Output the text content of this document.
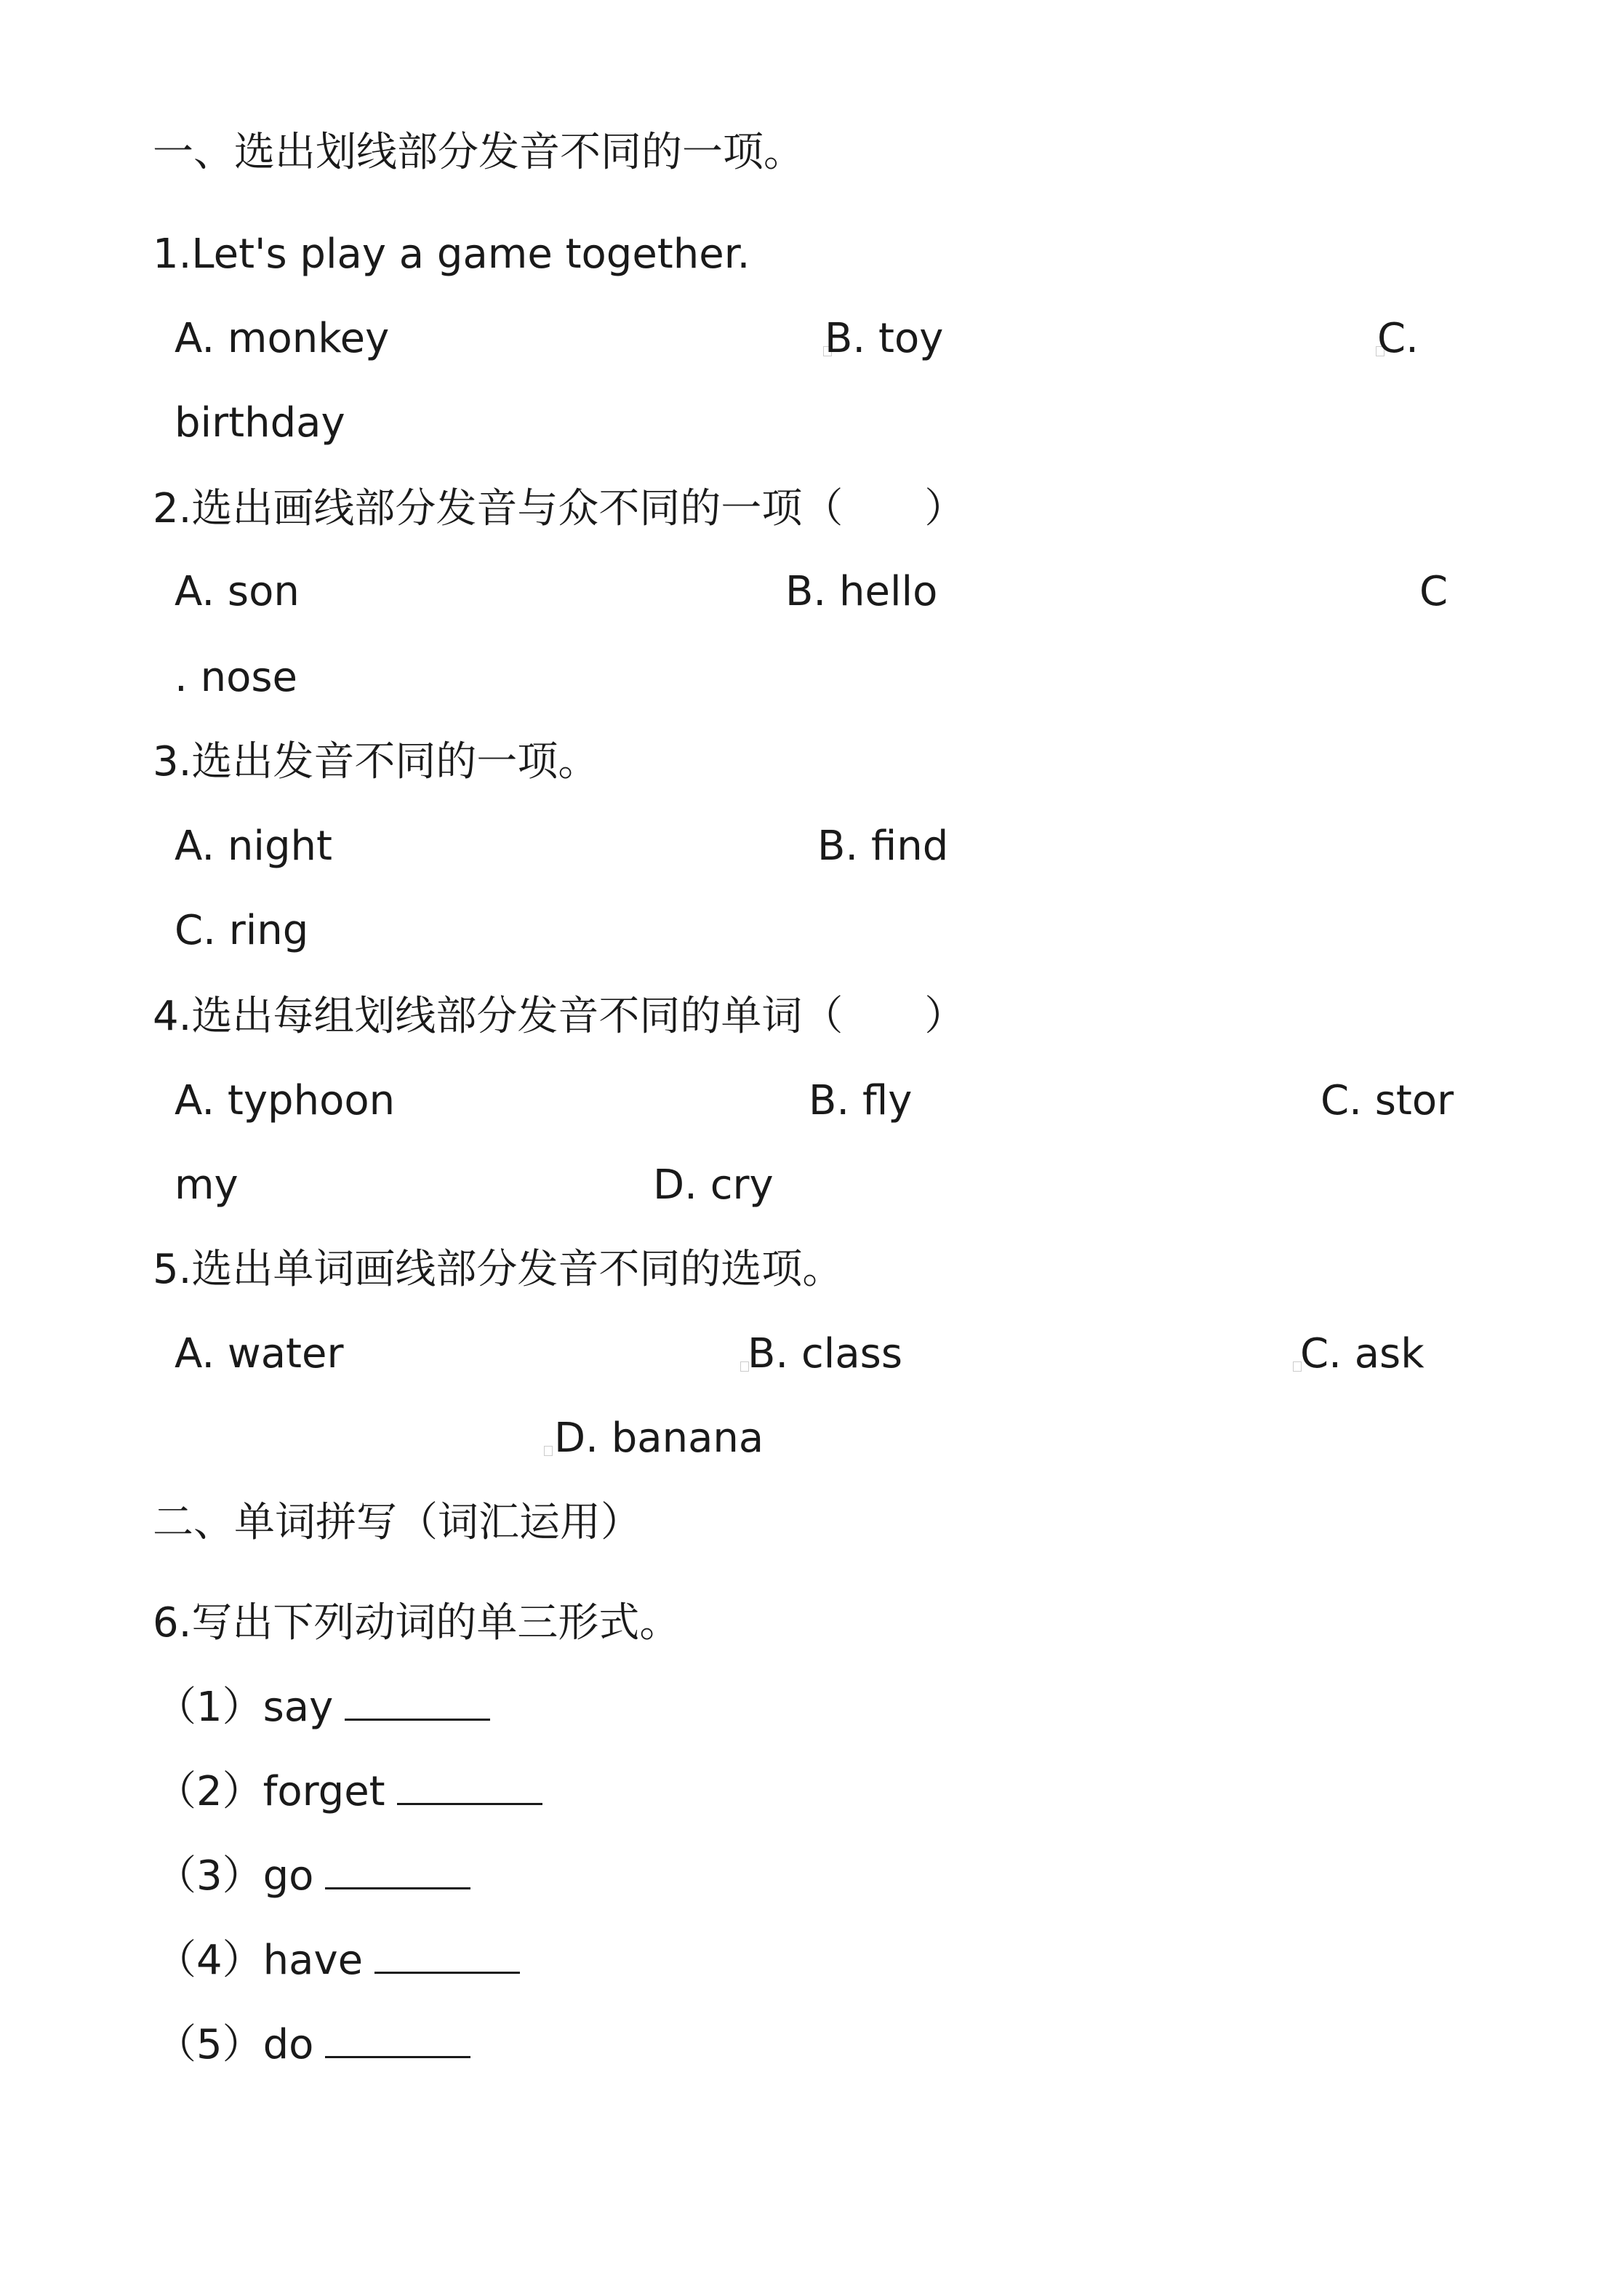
一、选出划线部分发音不同的一项。
1.Let's play a game together.
A. monkey	B. toy	C.
birthday
2.选出画线部分发音与众不同的一项（　　）
A. son	B. hello	C
. nose
3.选出发音不同的一项。
A. night	B. find
C. ring
4.选出每组划线部分发音不同的单词（　　）
A. typhoon	B. fly	C. stor
my	D. cry
5.选出单词画线部分发音不同的选项。
A. water	B. class	C. ask
D. banana
二、单词拼写（词汇运用）
6.写出下列动词的单三形式。
（1）say
（2）forget
（3）go
（4）have
（5）do
